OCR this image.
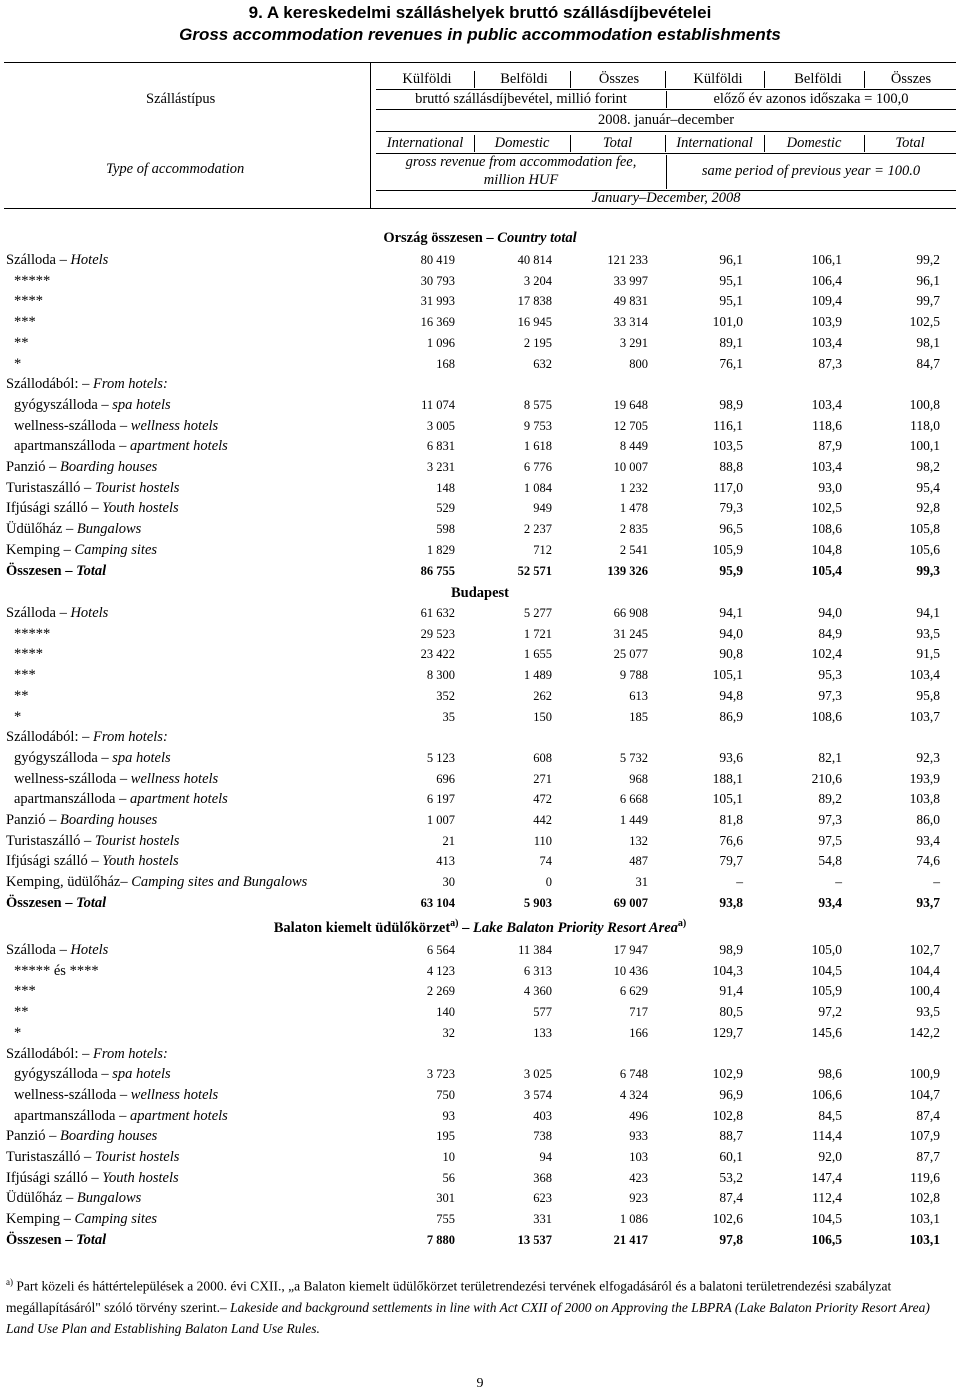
9. A kereskedelmi szálláshelyek bruttó szállásdíjbevételei
Gross accommodation revenues in public accommodation establishments
Szállástípus
Type of accommodation
Külföldi	Belföldi	Összes	Külföldi	Belföldi	Összes
bruttó szállásdíjbevétel, millió forint	előző év azonos időszaka = 100,0
2008. január–december
International	Domestic	Total	International	Domestic	Total
gross revenue from accommodation fee,
million HUF
same period of previous year = 100.0
January–December, 2008
Ország összesen – Country total
Szálloda – Hotels	80 419	40 814	121 233	96,1	106,1	99,2
*****	30 793	3 204	33 997	95,1	106,4	96,1
****	31 993	17 838	49 831	95,1	109,4	99,7
***	16 369	16 945	33 314	101,0	103,9	102,5
**	1 096	2 195	3 291	89,1	103,4	98,1
*	168	632	800	76,1	87,3	84,7
Szállodából: – From hotels:
gyógyszálloda – spa hotels	11 074	8 575	19 648	98,9	103,4	100,8
wellness-szálloda – wellness hotels	3 005	9 753	12 705	116,1	118,6	118,0
apartmanszálloda – apartment hotels	6 831	1 618	8 449	103,5	87,9	100,1
Panzió – Boarding houses	3 231	6 776	10 007	88,8	103,4	98,2
Turistaszálló – Tourist hostels	148	1 084	1 232	117,0	93,0	95,4
Ifjúsági szálló – Youth hostels	529	949	1 478	79,3	102,5	92,8
Üdülőház – Bungalows	598	2 237	2 835	96,5	108,6	105,8
Kemping – Camping sites	1 829	712	2 541	105,9	104,8	105,6
Összesen – Total	86 755	52 571	139 326	95,9	105,4	99,3
Budapest
Szálloda – Hotels	61 632	5 277	66 908	94,1	94,0	94,1
*****	29 523	1 721	31 245	94,0	84,9	93,5
****	23 422	1 655	25 077	90,8	102,4	91,5
***	8 300	1 489	9 788	105,1	95,3	103,4
**	352	262	613	94,8	97,3	95,8
*	35	150	185	86,9	108,6	103,7
Szállodából: – From hotels:
gyógyszálloda – spa hotels	5 123	608	5 732	93,6	82,1	92,3
wellness-szálloda – wellness hotels	696	271	968	188,1	210,6	193,9
apartmanszálloda – apartment hotels	6 197	472	6 668	105,1	89,2	103,8
Panzió – Boarding houses	1 007	442	1 449	81,8	97,3	86,0
Turistaszálló – Tourist hostels	21	110	132	76,6	97,5	93,4
Ifjúsági szálló – Youth hostels	413	74	487	79,7	54,8	74,6
Kemping, üdülőház– Camping sites and Bungalows	30	0	31	–	–	–
Összesen – Total	63 104	5 903	69 007	93,8	93,4	93,7
Balaton kiemelt üdülőkörzet$^{a)}$ – Lake Balaton Priority Resort Area$^{a)}$
Szálloda – Hotels	6 564	11 384	17 947	98,9	105,0	102,7
***** és ****	4 123	6 313	10 436	104,3	104,5	104,4
***	2 269	4 360	6 629	91,4	105,9	100,4
**	140	577	717	80,5	97,2	93,5
*	32	133	166	129,7	145,6	142,2
Szállodából: – From hotels:
gyógyszálloda – spa hotels	3 723	3 025	6 748	102,9	98,6	100,9
wellness-szálloda – wellness hotels	750	3 574	4 324	96,9	106,6	104,7
apartmanszálloda – apartment hotels	93	403	496	102,8	84,5	87,4
Panzió – Boarding houses	195	738	933	88,7	114,4	107,9
Turistaszálló – Tourist hostels	10	94	103	60,1	92,0	87,7
Ifjúsági szálló – Youth hostels	56	368	423	53,2	147,4	119,6
Üdülőház – Bungalows	301	623	923	87,4	112,4	102,8
Kemping – Camping sites	755	331	1 086	102,6	104,5	103,1
Összesen – Total	7 880	13 537	21 417	97,8	106,5	103,1
$^{a)}$ Part közeli és háttértelepülések a 2000. évi CXII., „a Balaton kiemelt üdülőkörzet területrendezési tervének elfogadásáról és a balatoni területrendezési szabályzat megállapításáról" szóló törvény szerint.– Lakeside and background settlements in line with Act CXII of 2000 on Approving the LBPRA (Lake Balaton Priority Resort Area) Land Use Plan and Establishing Balaton Land Use Rules.
9
